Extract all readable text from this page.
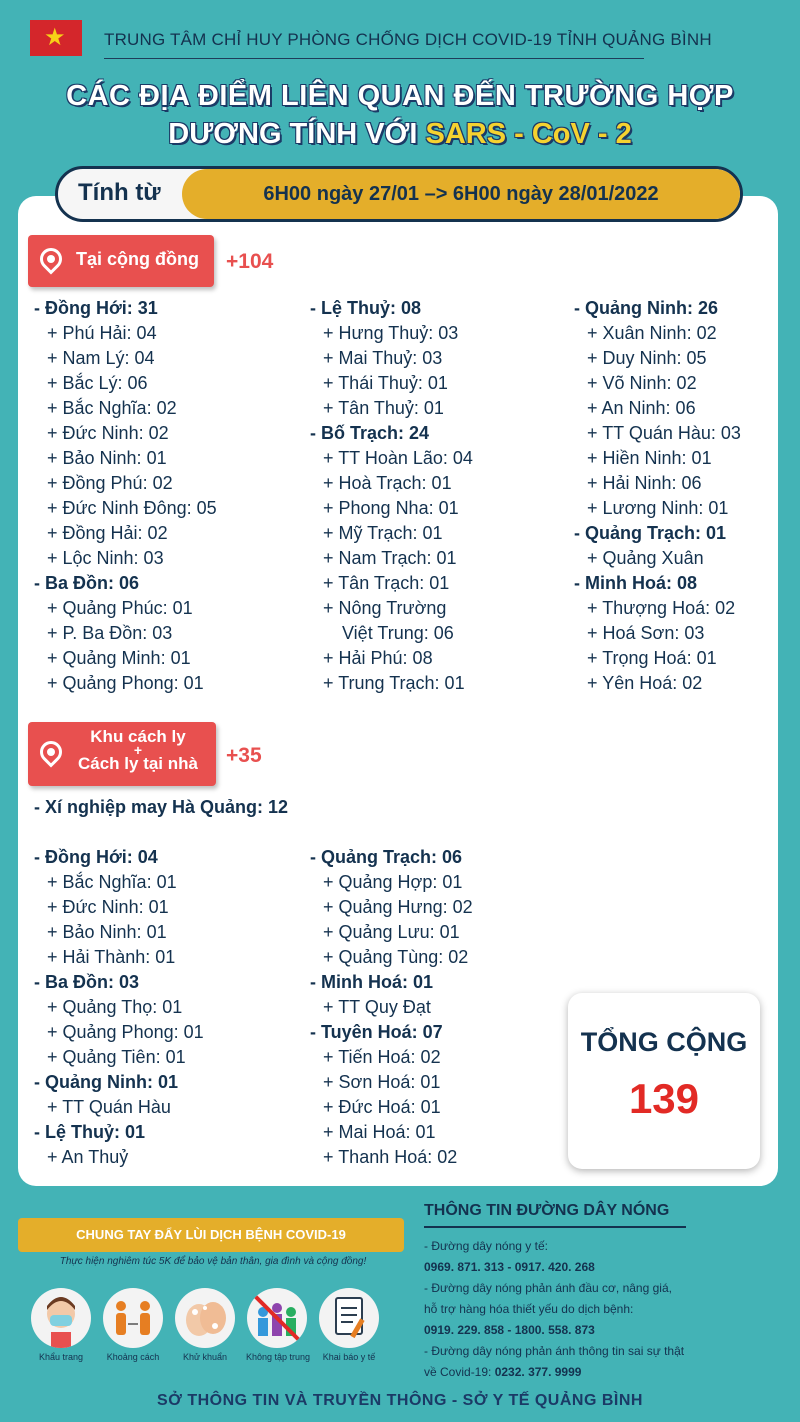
★ TRUNG TÂM CHỈ HUY PHÒNG CHỐNG DỊCH COVID-19 TỈNH QUẢNG BÌNH
CÁC ĐỊA ĐIỂM LIÊN QUAN ĐẾN TRƯỜNG HỢP
DƯƠNG TÍNH VỚI SARS - CoV - 2
Tính từ	6H00 ngày 27/01 –> 6H00 ngày 28/01/2022
Tại cộng đồng +104
- Đồng Hới: 31
+ Phú Hải: 04
+ Nam Lý: 04
+ Bắc Lý: 06
+ Bắc Nghĩa: 02
+ Đức Ninh: 02
+ Bảo Ninh: 01
+ Đồng Phú: 02
+ Đức Ninh Đông: 05
+ Đồng Hải: 02
+ Lộc Ninh: 03
- Ba Đồn: 06
+ Quảng Phúc: 01
+ P. Ba Đồn: 03
+ Quảng Minh: 01
+ Quảng Phong: 01
- Lệ Thuỷ: 08
+ Hưng Thuỷ: 03
+ Mai Thuỷ: 03
+ Thái Thuỷ: 01
+ Tân Thuỷ: 01
- Bố Trạch: 24
+ TT Hoàn Lão: 04
+ Hoà Trạch: 01
+ Phong Nha: 01
+ Mỹ Trạch: 01
+ Nam Trạch: 01
+ Tân Trạch: 01
+ Nông Trường
Việt Trung: 06
+ Hải Phú: 08
+ Trung Trạch: 01
- Quảng Ninh: 26
+ Xuân Ninh: 02
+ Duy Ninh: 05
+ Võ Ninh: 02
+ An Ninh: 06
+ TT Quán Hàu: 03
+ Hiền Ninh: 01
+ Hải Ninh: 06
+ Lương Ninh: 01
- Quảng Trạch: 01
+ Quảng Xuân
- Minh Hoá: 08
+ Thượng Hoá: 02
+ Hoá Sơn: 03
+ Trọng Hoá: 01
+ Yên Hoá: 02
Khu cách ly
+
Cách ly tại nhà	+35
- Xí nghiệp may Hà Quảng: 12
- Đồng Hới: 04
+ Bắc Nghĩa: 01
+ Đức Ninh: 01
+ Bảo Ninh: 01
+ Hải Thành: 01
- Ba Đồn: 03
+ Quảng Thọ: 01
+ Quảng Phong: 01
+ Quảng Tiên: 01
- Quảng Ninh: 01
+ TT Quán Hàu
- Lệ Thuỷ: 01
+ An Thuỷ
- Quảng Trạch: 06
+ Quảng Hợp: 01
+ Quảng Hưng: 02
+ Quảng Lưu: 01
+ Quảng Tùng: 02
- Minh Hoá: 01
+ TT Quy Đạt
- Tuyên Hoá: 07
+ Tiến Hoá: 02
+ Sơn Hoá: 01
+ Đức Hoá: 01
+ Mai Hoá: 01
+ Thanh Hoá: 02
TỔNG CỘNG
139
CHUNG TAY ĐẨY LÙI DỊCH BỆNH COVID-19
Thực hiện nghiêm túc 5K để bảo vệ bản thân, gia đình và cộng đồng!
Khẩu trang	Khoảng cách	Khử khuẩn	Không tập trung	Khai báo y tế
THÔNG TIN ĐƯỜNG DÂY NÓNG
- Đường dây nóng y tế:
0969. 871. 313 - 0917. 420. 268
- Đường dây nóng phản ánh đầu cơ, nâng giá,
hỗ trợ hàng hóa thiết yếu do dịch bệnh:
0919. 229. 858 - 1800. 558. 873
- Đường dây nóng phản ánh thông tin sai sự thật
về Covid-19: 0232. 377. 9999
SỞ THÔNG TIN VÀ TRUYỀN THÔNG - SỞ Y TẾ QUẢNG BÌNH
